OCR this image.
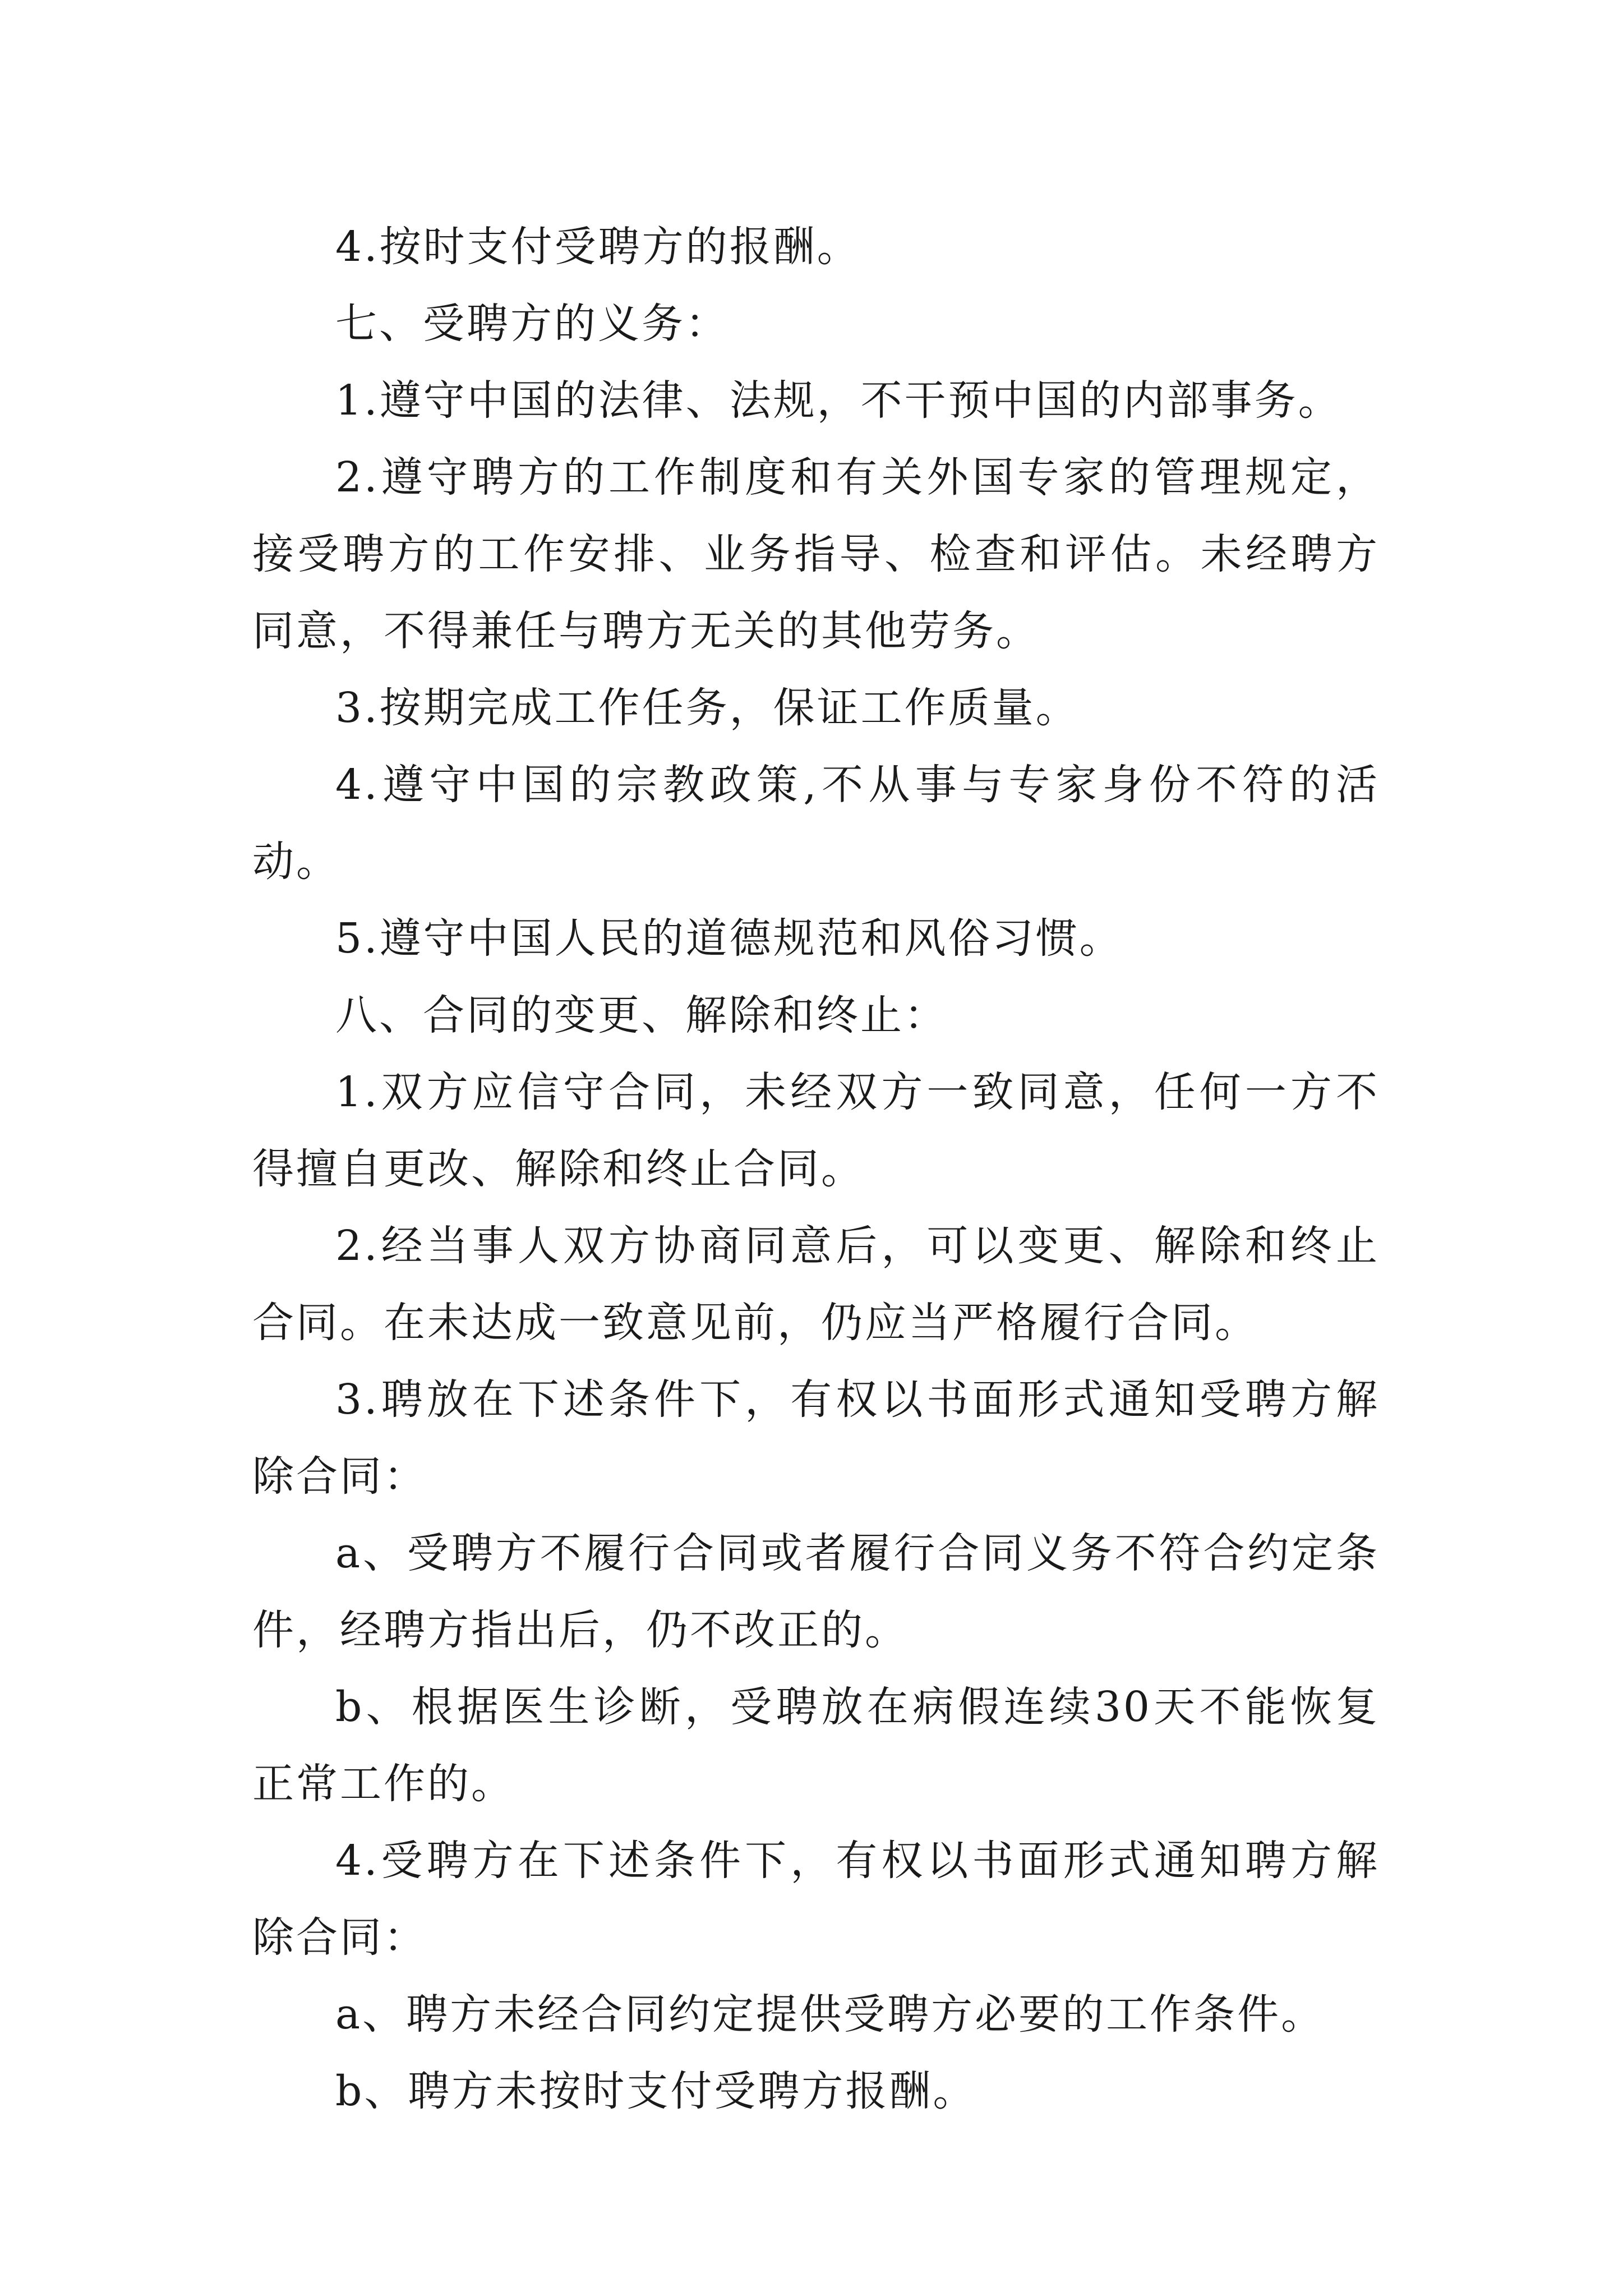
4.按时支付受聘方的报酬。

七、受聘方的义务：

1.遵守中国的法律、法规，不干预中国的内部事务。

2.遵守聘方的工作制度和有关外国专家的管理规定，接受聘方的工作安排、业务指导、检查和评估。未经聘方同意，不得兼任与聘方无关的其他劳务。

3.按期完成工作任务，保证工作质量。

4.遵守中国的宗教政策,不从事与专家身份不符的活动。

5.遵守中国人民的道德规范和风俗习惯。

八、合同的变更、解除和终止：

1.双方应信守合同，未经双方一致同意，任何一方不得擅自更改、解除和终止合同。

2.经当事人双方协商同意后，可以变更、解除和终止合同。在未达成一致意见前，仍应当严格履行合同。

3.聘放在下述条件下，有权以书面形式通知受聘方解除合同：

a、受聘方不履行合同或者履行合同义务不符合约定条件，经聘方指出后，仍不改正的。

b、根据医生诊断，受聘放在病假连续30天不能恢复正常工作的。

4.受聘方在下述条件下，有权以书面形式通知聘方解除合同：

a、聘方未经合同约定提供受聘方必要的工作条件。

b、聘方未按时支付受聘方报酬。
